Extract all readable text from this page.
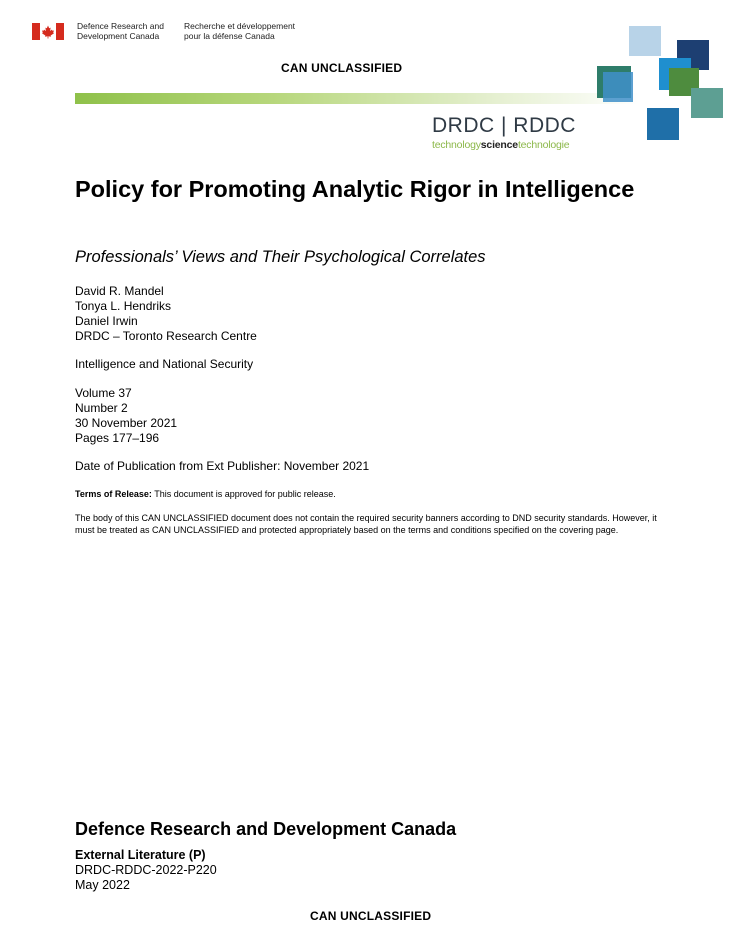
Defence Research and
Development Canada
Recherche et développement
pour la défense Canada
CAN UNCLASSIFIED
DRDC | RDDC
technologysciencetechnologie
Policy for Promoting Analytic Rigor in Intelligence
Professionals’ Views and Their Psychological Correlates
David R. Mandel
Tonya L. Hendriks
Daniel Irwin
DRDC – Toronto Research Centre
Intelligence and National Security
Volume 37
Number 2
30 November 2021
Pages 177–196
Date of Publication from Ext Publisher: November 2021
Terms of Release: This document is approved for public release.
The body of this CAN UNCLASSIFIED document does not contain the required security banners according to DND security standards. However, it must be treated as CAN UNCLASSIFIED and protected appropriately based on the terms and conditions specified on the covering page.
Defence Research and Development Canada
External Literature (P)
DRDC-RDDC-2022-P220
May 2022
CAN UNCLASSIFIED
